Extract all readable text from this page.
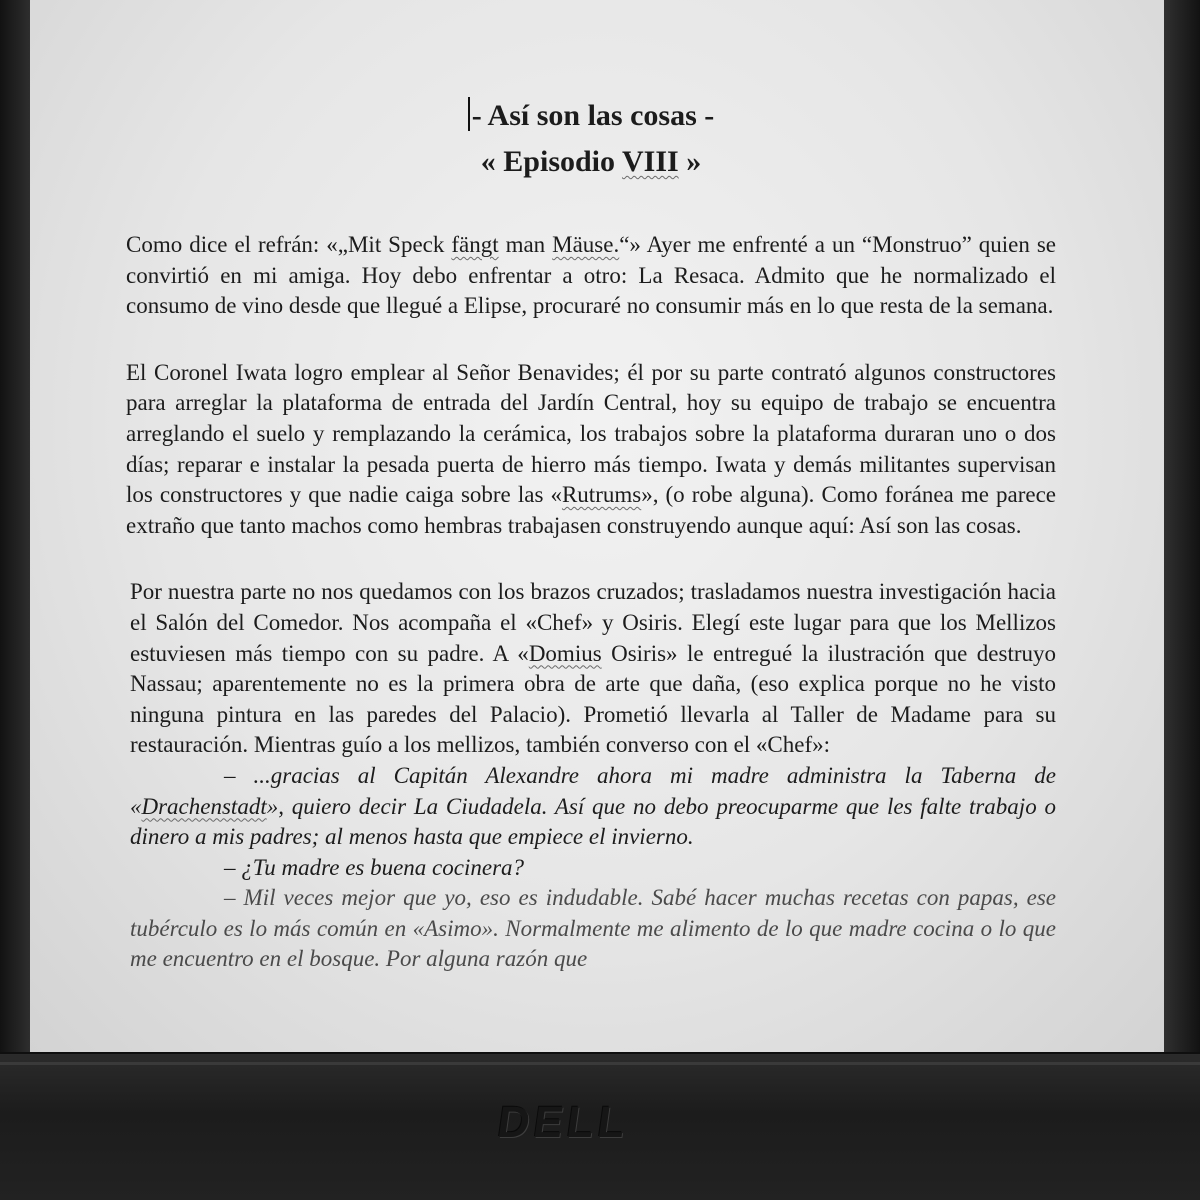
- Así son las cosas -
« Episodio VIII »

Como dice el refrán: «„Mit Speck fängt man Mäuse.“» Ayer me enfrenté a un “Monstruo” quien se convirtió en mi amiga. Hoy debo enfrentar a otro: La Resaca. Admito que he normalizado el consumo de vino desde que llegué a Elipse, procuraré no consumir más en lo que resta de la semana.

El Coronel Iwata logro emplear al Señor Benavides; él por su parte contrató algunos constructores para arreglar la plataforma de entrada del Jardín Central, hoy su equipo de trabajo se encuentra arreglando el suelo y remplazando la cerámica, los trabajos sobre la plataforma duraran uno o dos días; reparar e instalar la pesada puerta de hierro más tiempo. Iwata y demás militantes supervisan los constructores y que nadie caiga sobre las «Rutrums», (o robe alguna). Como foránea me parece extraño que tanto machos como hembras trabajasen construyendo aunque aquí: Así son las cosas.

Por nuestra parte no nos quedamos con los brazos cruzados; trasladamos nuestra investigación hacia el Salón del Comedor. Nos acompaña el «Chef» y Osiris. Elegí este lugar para que los Mellizos estuviesen más tiempo con su padre. A «Domius Osiris» le entregué la ilustración que destruyo Nassau; aparentemente no es la primera obra de arte que daña, (eso explica porque no he visto ninguna pintura en las paredes del Palacio). Prometió llevarla al Taller de Madame para su restauración. Mientras guío a los mellizos, también converso con el «Chef»:

– ...gracias al Capitán Alexandre ahora mi madre administra la Taberna de «Drachenstadt», quiero decir La Ciudadela. Así que no debo preocuparme que les falte trabajo o dinero a mis padres; al menos hasta que empiece el invierno.

– ¿Tu madre es buena cocinera?

– Mil veces mejor que yo, eso es indudable. Sabé hacer muchas recetas con papas, ese tubérculo es lo más común en «Asimo». Normalmente me alimento de lo que madre cocina o lo que me encuentro en el bosque. Por alguna razón que

DELL
